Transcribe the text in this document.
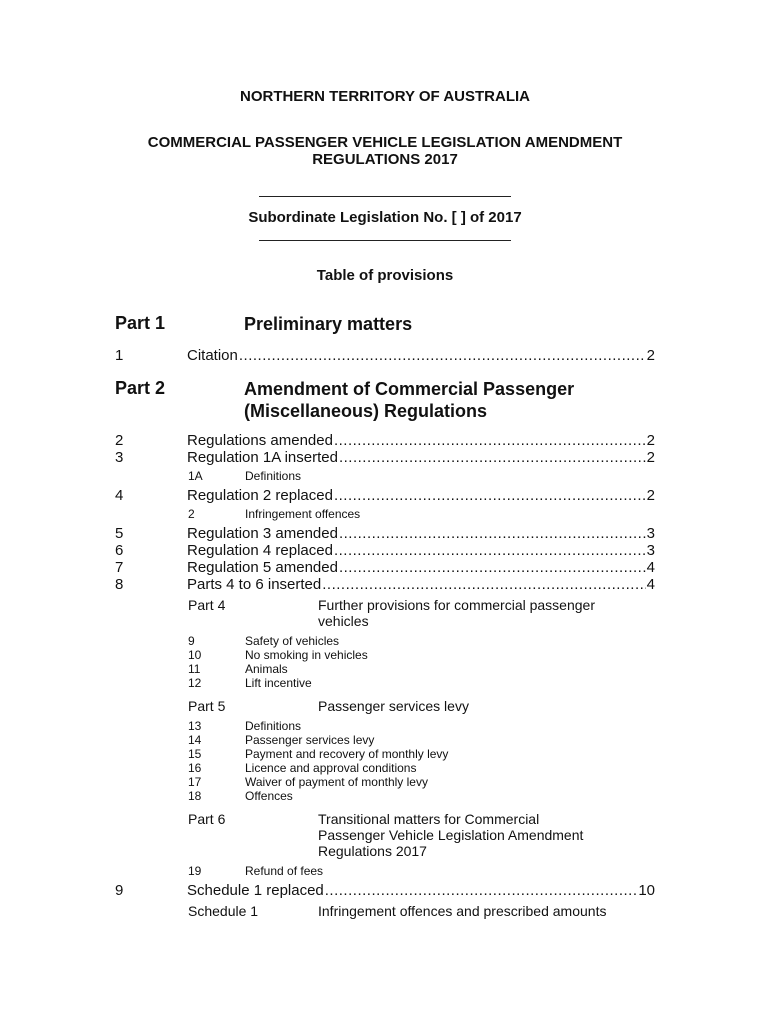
NORTHERN TERRITORY OF AUSTRALIA
COMMERCIAL PASSENGER VEHICLE LEGISLATION AMENDMENT
REGULATIONS 2017
Subordinate Legislation No. [ ] of 2017
Table of provisions
Part 1	Preliminary matters
1	Citation .....	2
Part 2	Amendment of Commercial Passenger
(Miscellaneous) Regulations
2	Regulations amended .....	2
3	Regulation 1A inserted .....	2
1A	Definitions
4	Regulation 2 replaced .....	2
2	Infringement offences
5	Regulation 3 amended .....	3
6	Regulation 4 replaced .....	3
7	Regulation 5 amended .....	4
8	Parts 4 to 6 inserted .....	4
Part 4	Further provisions for commercial passenger vehicles
9	Safety of vehicles
10	No smoking in vehicles
11	Animals
12	Lift incentive
Part 5	Passenger services levy
13	Definitions
14	Passenger services levy
15	Payment and recovery of monthly levy
16	Licence and approval conditions
17	Waiver of payment of monthly levy
18	Offences
Part 6	Transitional matters for Commercial Passenger Vehicle Legislation Amendment Regulations 2017
19	Refund of fees
9	Schedule 1 replaced .....	10
Schedule 1	Infringement offences and prescribed amounts
